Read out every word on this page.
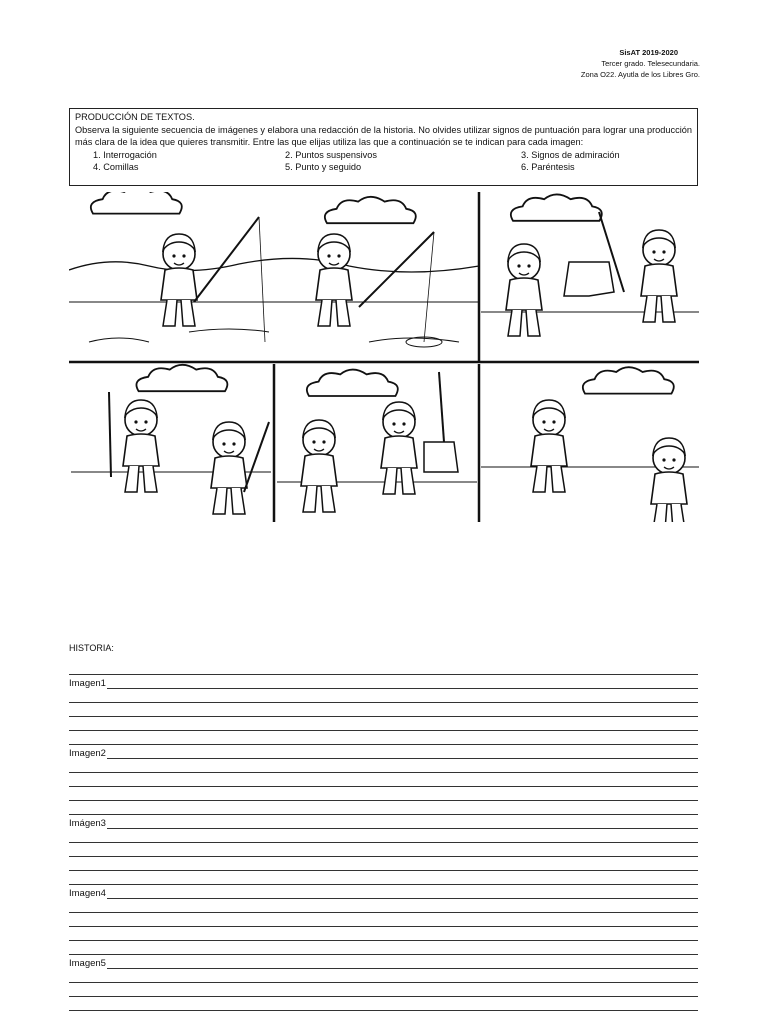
SisAT 2019-2020
Tercer grado. Telesecundaria.
Zona O22. Ayutla de los Libres Gro.

PRODUCCIÓN DE TEXTOS.

Observa la siguiente secuencia de imágenes y elabora una redacción de la historia. No olvides utilizar signos de puntuación para lograr una producción más clara de la idea que quieres transmitir. Entre las que elijas utiliza las que a continuación se te indican para cada imagen:

1. Interrogación	2. Puntos suspensivos	3. Signos de admiración
4. Comillas	5. Punto y seguido	6. Paréntesis
HISTORIA:
Imagen1
Imagen2
Imágen3
Imagen4
Imagen5
